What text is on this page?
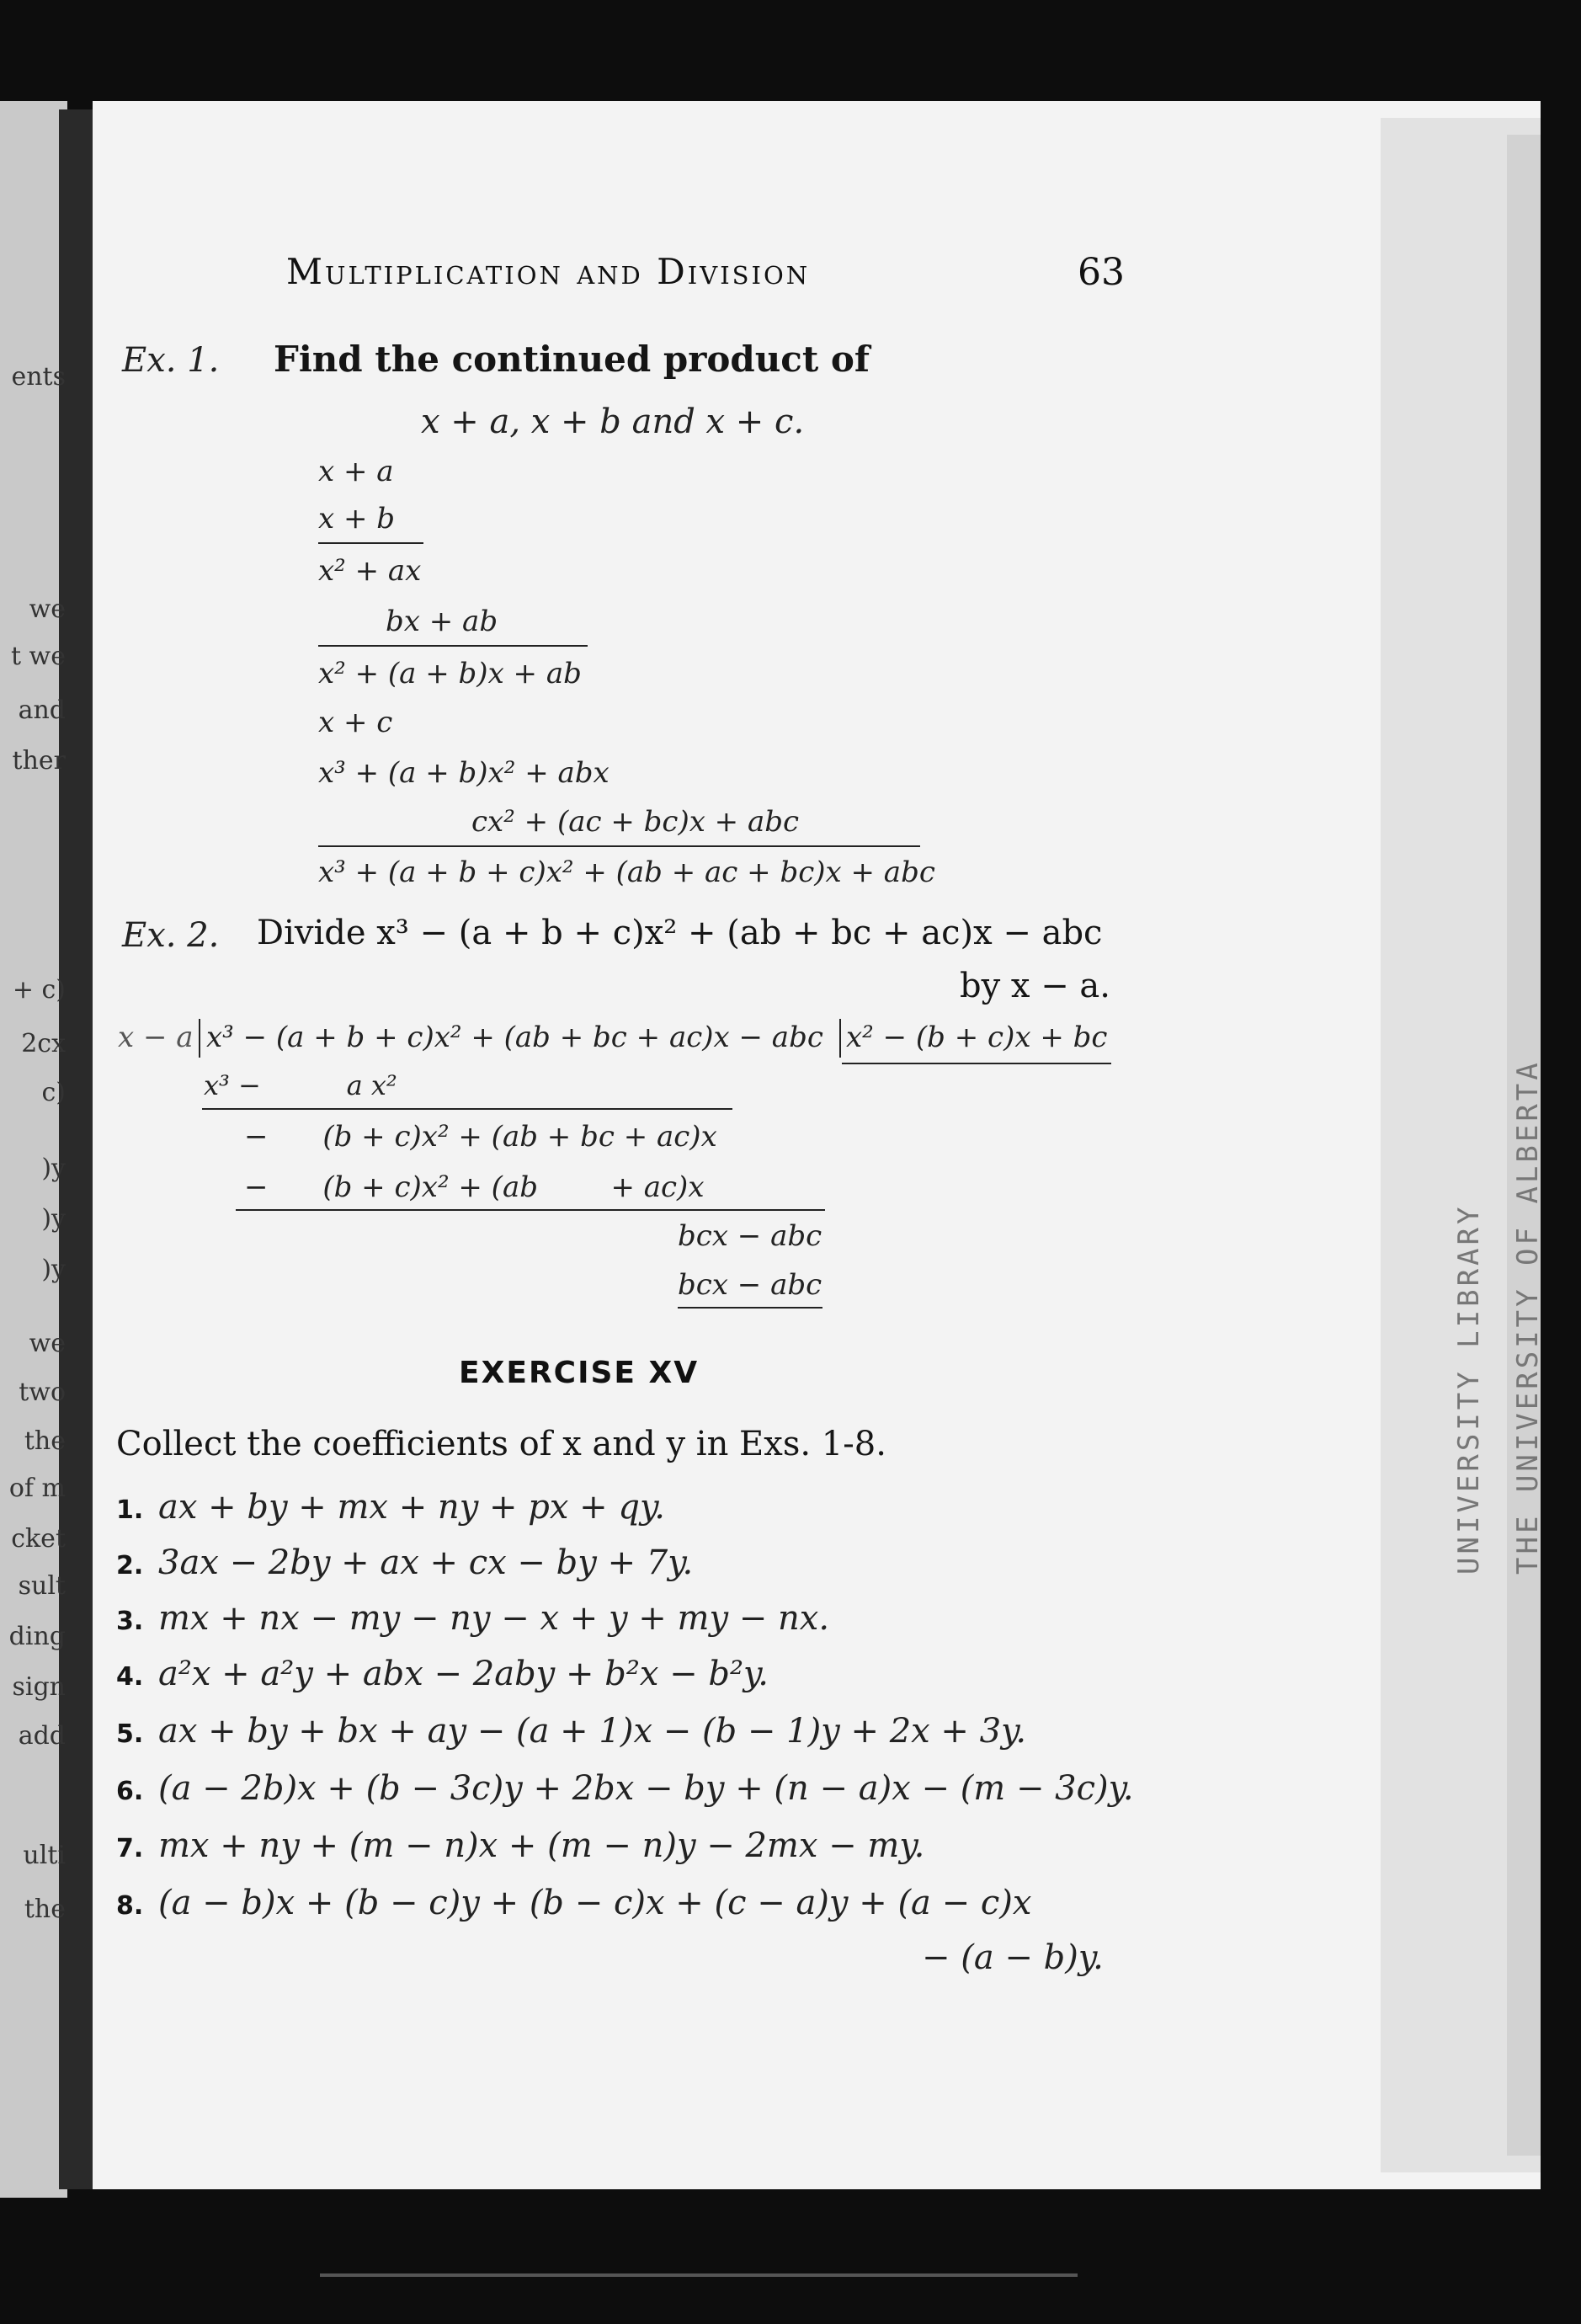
ents
we
t we
and
ther
+ c)
2cx
c)
)y
)y
)y
we
two
the
of m
cket
sult
ding
sign
add
ulti
the
UNIVERSITY LIBRARY THE UNIVERSITY OF ALBERTA
Multiplication and Division	63
Ex. 1. Find the continued product of
x + a, x + b and x + c.
x + a
x + b
x² + ax
bx + ab
x² + (a + b)x + ab
x + c
x³ + (a + b)x² + abx
cx² + (ac + bc)x + abc
x³ + (a + b + c)x² + (ab + ac + bc)x + abc
Ex. 2. Divide x³ − (a + b + c)x² + (ab + bc + ac)x − abc
by x − a.
x − a x³ − (a + b + c)x² + (ab + bc + ac)x − abc x² − (b + c)x + bc
x³ −          a x²
−      (b + c)x² + (ab + bc + ac)x
−      (b + c)x² + (ab        + ac)x
bcx − abc
bcx − abc
EXERCISE XV
Collect the coefficients of x and y in Exs. 1-8.
1. ax + by + mx + ny + px + qy.
2. 3ax − 2by + ax + cx − by + 7y.
3. mx + nx − my − ny − x + y + my − nx.
4. a²x + a²y + abx − 2aby + b²x − b²y.
5. ax + by + bx + ay − (a + 1)x − (b − 1)y + 2x + 3y.
6. (a − 2b)x + (b − 3c)y + 2bx − by + (n − a)x − (m − 3c)y.
7. mx + ny + (m − n)x + (m − n)y − 2mx − my.
8. (a − b)x + (b − c)y + (b − c)x + (c − a)y + (a − c)x
− (a − b)y.
